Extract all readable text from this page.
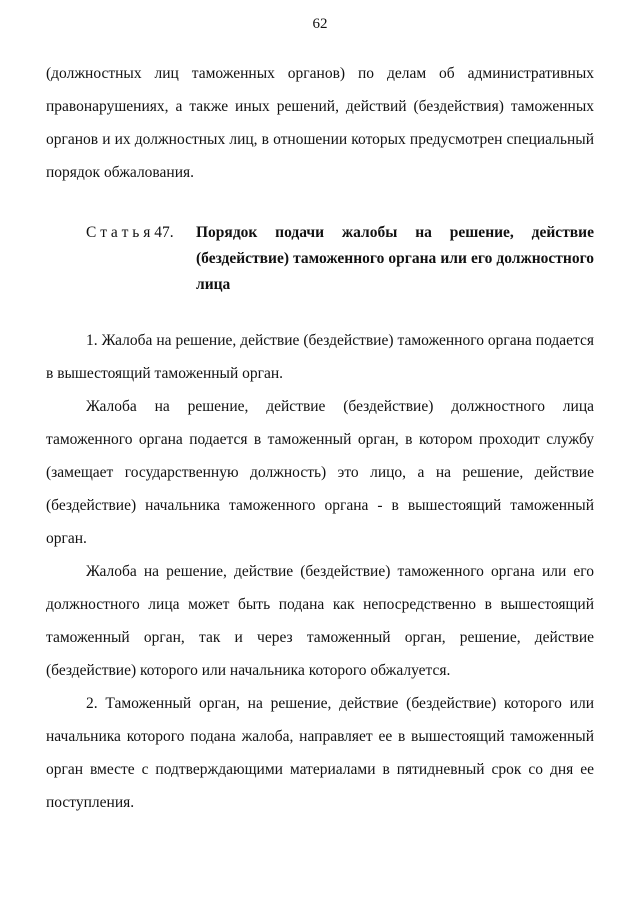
62

(должностных лиц таможенных органов) по делам об административных правонарушениях, а также иных решений, действий (бездействия) таможенных органов и их должностных лиц, в отношении которых предусмотрен специальный порядок обжалования.

С т а т ь я 47.	Порядок подачи жалобы на решение, действие (бездействие) таможенного органа или его должностного лица

1. Жалоба на решение, действие (бездействие) таможенного органа подается в вышестоящий таможенный орган.

Жалоба на решение, действие (бездействие) должностного лица таможенного органа подается в таможенный орган, в котором проходит службу (замещает государственную должность) это лицо, а на решение, действие (бездействие) начальника таможенного органа - в вышестоящий таможенный орган.

Жалоба на решение, действие (бездействие) таможенного органа или его должностного лица может быть подана как непосредственно в вышестоящий таможенный орган, так и через таможенный орган, решение, действие (бездействие) которого или начальника которого обжалуется.

2. Таможенный орган, на решение, действие (бездействие) которого или начальника которого подана жалоба, направляет ее в вышестоящий таможенный орган вместе с подтверждающими материалами в пятидневный срок со дня ее поступления.
